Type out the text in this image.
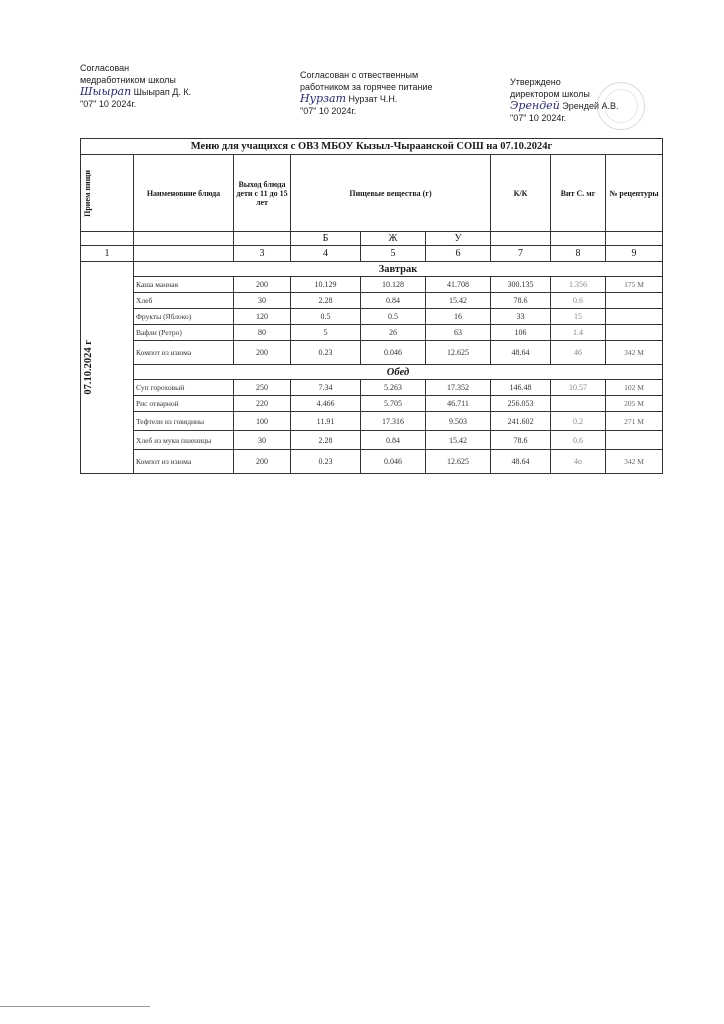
Согласован
медработником школы
Шыырап Шыырап Д. К.
"07" 10 2024г.
Согласован с отвественным
работником за горячее питание
Нурзат Нурзат Ч.Н.
"07" 10 2024г.
Утверждено
директором школы
Эрендей Эрендей А.В.
"07" 10 2024г.
Меню для учащихся с ОВЗ МБОУ Кызыл-Чыраанской СОШ на 07.10.2024г								

Прием пищи	Наименовние блюда	Выход блюда дети с 11 до 15 лет	Пищевые вещества (г)			К/К	Вит С. мг	№ рецептуры
			Б	Ж	У			
1		3	4	5	6	7	8	9

07.10.2024 г	Завтрак							
	Каша манная	200	10.129	10.128	41.708	300.135	1.356	175 М
	Хлеб	30	2.28	0.84	15.42	78.6	0.6	
	Фрукты (Яблоко)	120	0.5	0.5	16	33	15	
	Вафли (Ретро)	80	5	26	63	106	1.4	
	Компот из изюма	200	0.23	0.046	12.625	48.64	46	342 М
	Обед							
	Суп гороховый	250	7.34	5.263	17.352	146.48	10.57	102 М
	Рис отварной	220	4.466	5.705	46.711	256.053		205 М
	Тефтели из говядины	100	11.91	17.316	9.503	241.602	0.2	271 М
	Хлеб из муки пшеницы	30	2.28	0.84	15.42	78.6	0.6	
	Компот из изюма	200	0.23	0.046	12.625	48.64	4о	342 М
